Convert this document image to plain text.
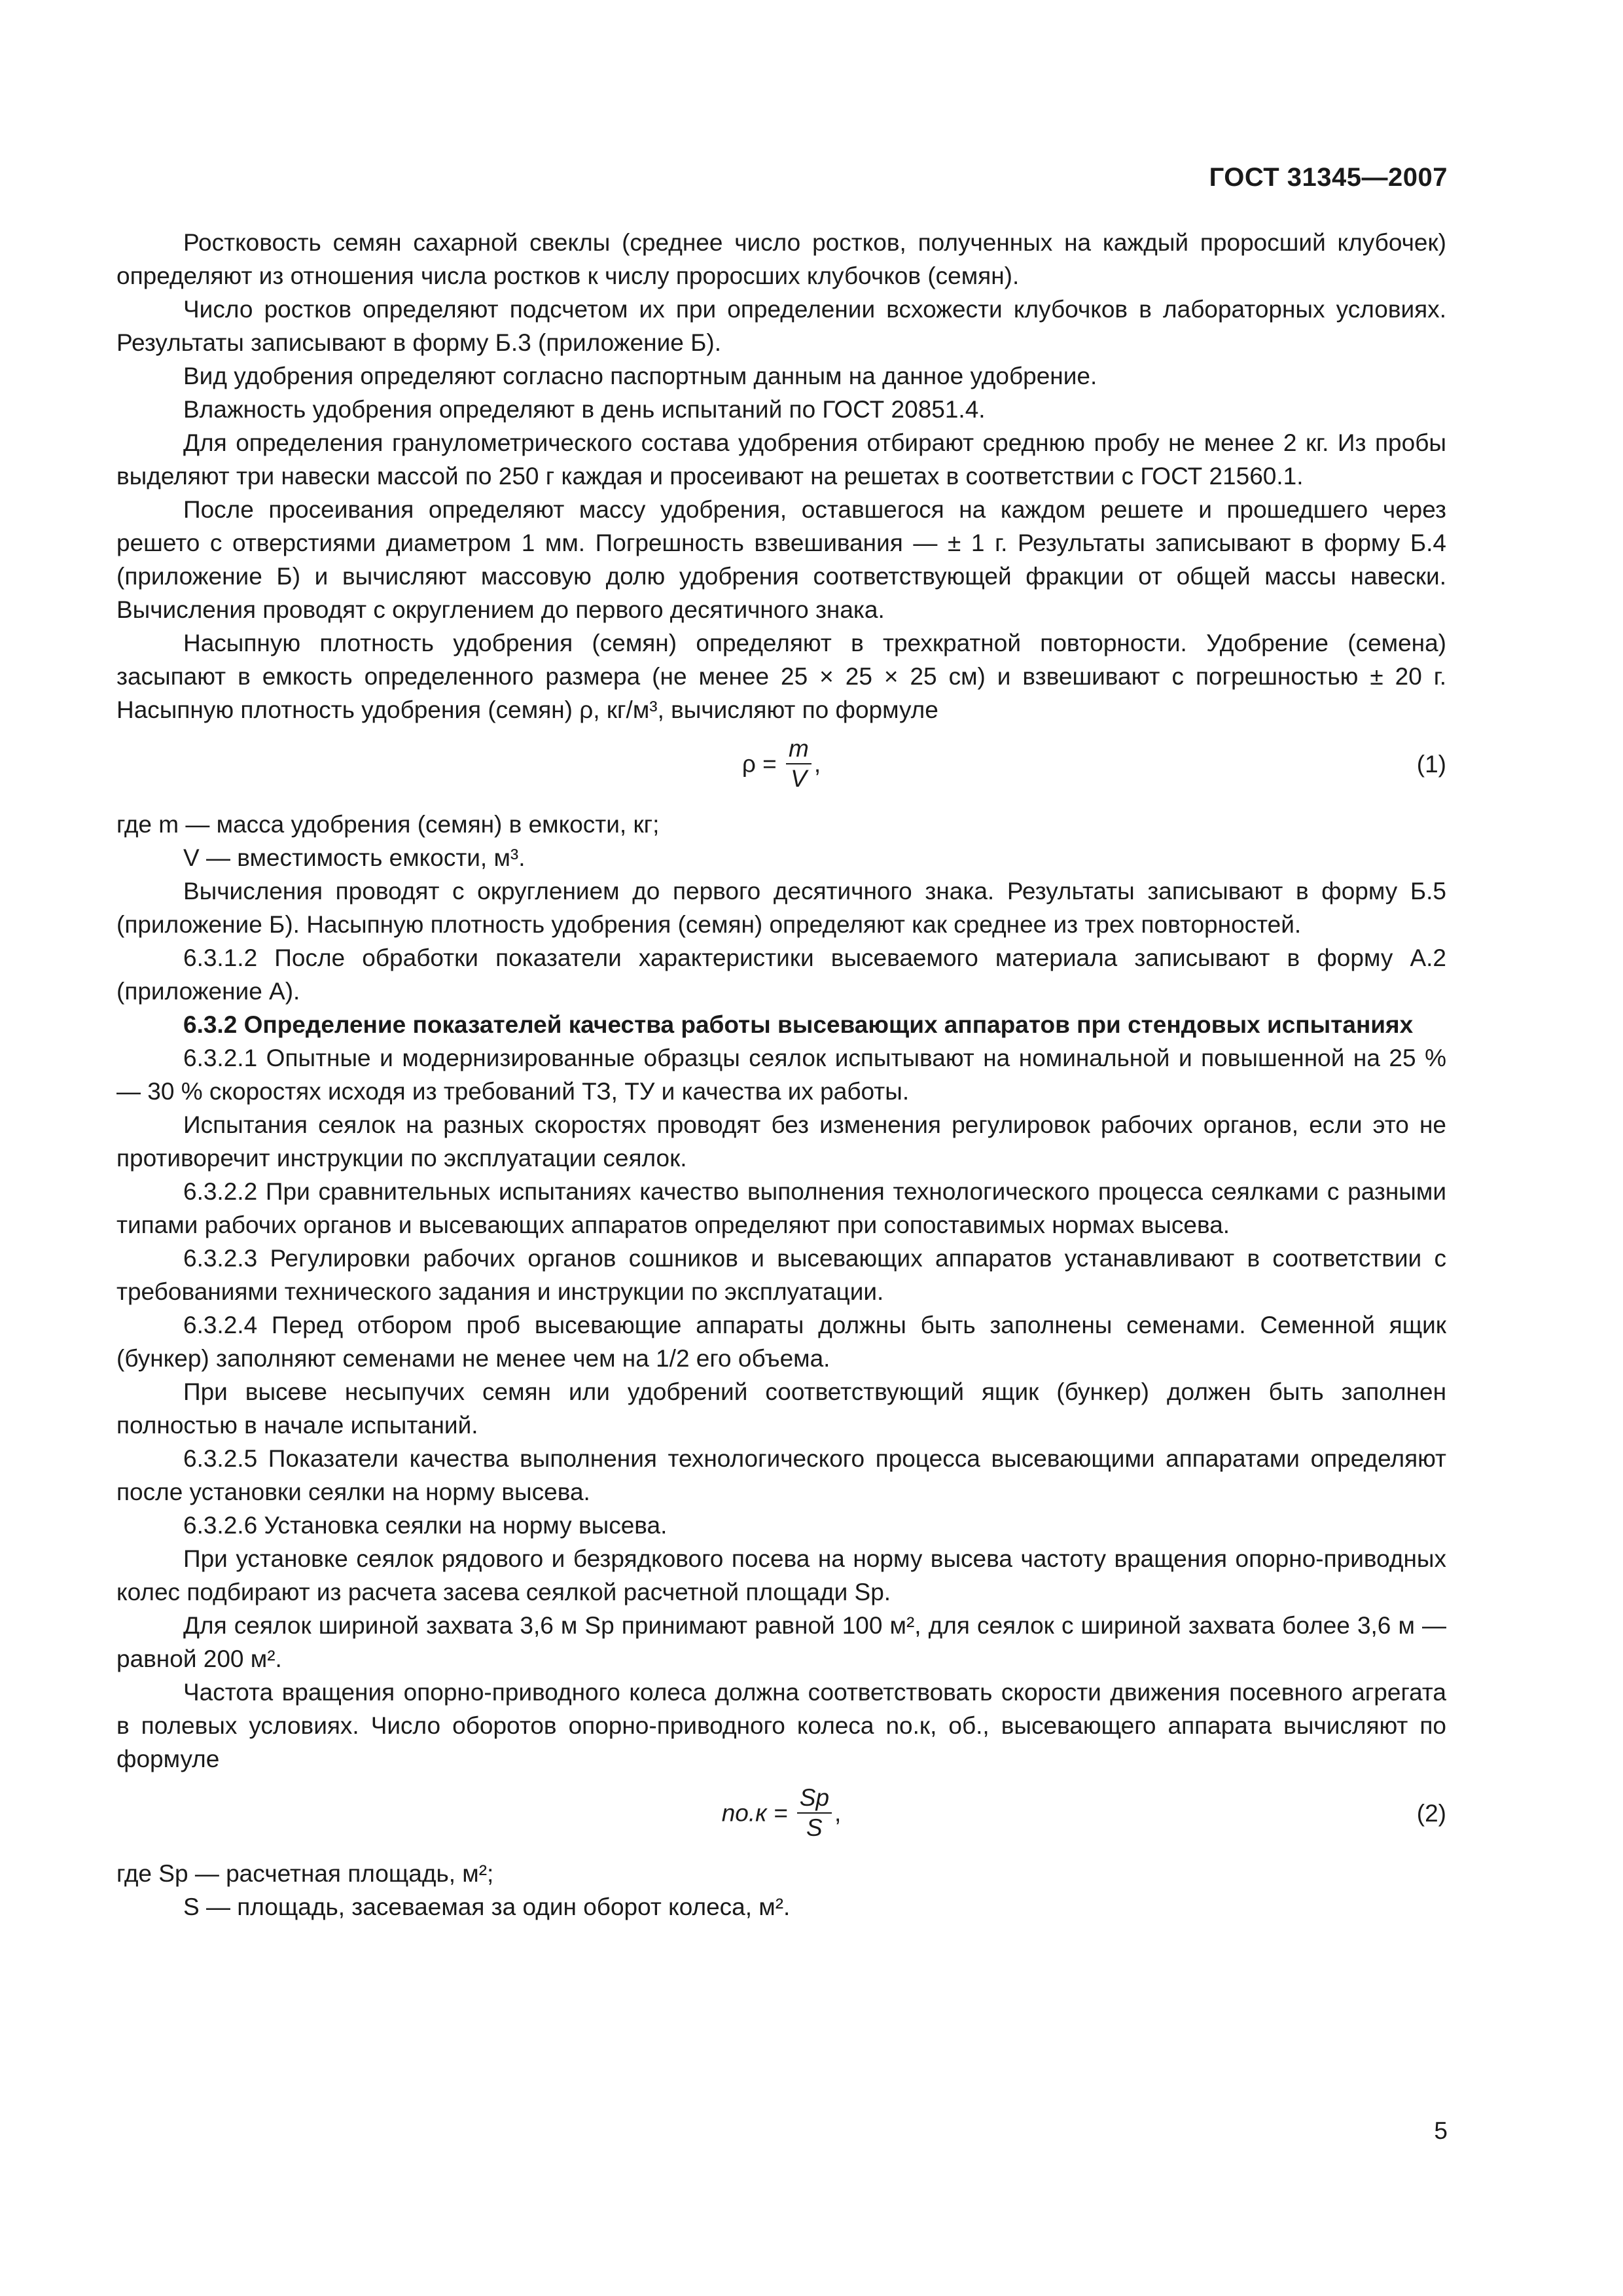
ГОСТ 31345—2007

Ростковость семян сахарной свеклы (среднее число ростков, полученных на каждый проросший клубочек) определяют из отношения числа ростков к числу проросших клубочков (семян).

Число ростков определяют подсчетом их при определении всхожести клубочков в лабораторных условиях. Результаты записывают в форму Б.3 (приложение Б).

Вид удобрения определяют согласно паспортным данным на данное удобрение.

Влажность удобрения определяют в день испытаний по ГОСТ 20851.4.

Для определения гранулометрического состава удобрения отбирают среднюю пробу не менее 2 кг. Из пробы выделяют три навески массой по 250 г каждая и просеивают на решетах в соответствии с ГОСТ 21560.1.

После просеивания определяют массу удобрения, оставшегося на каждом решете и прошедшего через решето с отверстиями диаметром 1 мм. Погрешность взвешивания — ± 1 г. Результаты записывают в форму Б.4 (приложение Б) и вычисляют массовую долю удобрения соответствующей фракции от общей массы навески. Вычисления проводят с округлением до первого десятичного знака.

Насыпную плотность удобрения (семян) определяют в трехкратной повторности. Удобрение (семена) засыпают в емкость определенного размера (не менее 25 × 25 × 25 см) и взвешивают с погрешностью ± 20 г. Насыпную плотность удобрения (семян) ρ, кг/м³, вычисляют по формуле

$\rho = \frac{m}{V}$ ,	(1)

где m — масса удобрения (семян) в емкости, кг;

V — вместимость емкости, м³.

Вычисления проводят с округлением до первого десятичного знака. Результаты записывают в форму Б.5 (приложение Б). Насыпную плотность удобрения (семян) определяют как среднее из трех повторностей.

6.3.1.2 После обработки показатели характеристики высеваемого материала записывают в форму А.2 (приложение А).

6.3.2 Определение показателей качества работы высевающих аппаратов при стендовых испытаниях

6.3.2.1 Опытные и модернизированные образцы сеялок испытывают на номинальной и повышенной на 25 % — 30 % скоростях исходя из требований ТЗ, ТУ и качества их работы.

Испытания сеялок на разных скоростях проводят без изменения регулировок рабочих органов, если это не противоречит инструкции по эксплуатации сеялок.

6.3.2.2 При сравнительных испытаниях качество выполнения технологического процесса сеялками с разными типами рабочих органов и высевающих аппаратов определяют при сопоставимых нормах высева.

6.3.2.3 Регулировки рабочих органов сошников и высевающих аппаратов устанавливают в соответствии с требованиями технического задания и инструкции по эксплуатации.

6.3.2.4 Перед отбором проб высевающие аппараты должны быть заполнены семенами. Семенной ящик (бункер) заполняют семенами не менее чем на 1/2 его объема.

При высеве несыпучих семян или удобрений соответствующий ящик (бункер) должен быть заполнен полностью в начале испытаний.

6.3.2.5 Показатели качества выполнения технологического процесса высевающими аппаратами определяют после установки сеялки на норму высева.

6.3.2.6 Установка сеялки на норму высева.

При установке сеялок рядового и безрядкового посева на норму высева частоту вращения опорно-приводных колес подбирают из расчета засева сеялкой расчетной площади Sр.

Для сеялок шириной захвата 3,6 м Sр принимают равной 100 м², для сеялок с шириной захвата более 3,6 м — равной 200 м².

Частота вращения опорно-приводного колеса должна соответствовать скорости движения посевного агрегата в полевых условиях. Число оборотов опорно-приводного колеса nо.к, об., высевающего аппарата вычисляют по формуле

$nо.к = \frac{Sр}{S}$ ,	(2)

где Sр — расчетная площадь, м²;

S — площадь, засеваемая за один оборот колеса, м².

5
